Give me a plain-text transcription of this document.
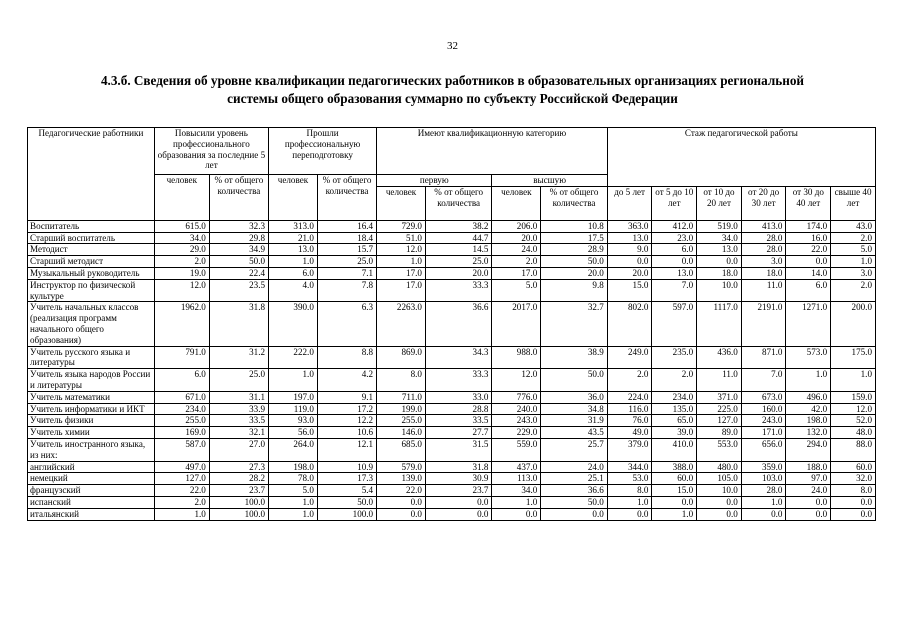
32
4.3.б. Сведения об уровне квалификации педагогических работников в образовательных организациях региональной
системы общего образования суммарно по субъекту Российской Федерации
Педагогические работники	Повысили уровень профессионального образования за последние 5 лет		Прошли профессиональную переподготовку		Имеют квалификационную категорию				Стаж педагогической работы					
	человек	% от общего количества	человек	% от общего количества	первую		высшую							
					человек	% от общего количества	человек	% от общего количества	до 5 лет	от 5 до 10 лет	от 10 до 20 лет	от 20 до 30 лет	от 30 до 40 лет	свыше 40 лет
Воспитатель	615.0	32.3	313.0	16.4	729.0	38.2	206.0	10.8	363.0	412.0	519.0	413.0	174.0	43.0
Старший воспитатель	34.0	29.8	21.0	18.4	51.0	44.7	20.0	17.5	13.0	23.0	34.0	28.0	16.0	2.0
Методист	29.0	34.9	13.0	15.7	12.0	14.5	24.0	28.9	9.0	6.0	13.0	28.0	22.0	5.0
Старший методист	2.0	50.0	1.0	25.0	1.0	25.0	2.0	50.0	0.0	0.0	0.0	3.0	0.0	1.0
Музыкальный руководитель	19.0	22.4	6.0	7.1	17.0	20.0	17.0	20.0	20.0	13.0	18.0	18.0	14.0	3.0
Инструктор по физической культуре	12.0	23.5	4.0	7.8	17.0	33.3	5.0	9.8	15.0	7.0	10.0	11.0	6.0	2.0
Учитель начальных классов (реализация программ начального общего образования)	1962.0	31.8	390.0	6.3	2263.0	36.6	2017.0	32.7	802.0	597.0	1117.0	2191.0	1271.0	200.0
Учитель русского языка и литературы	791.0	31.2	222.0	8.8	869.0	34.3	988.0	38.9	249.0	235.0	436.0	871.0	573.0	175.0
Учитель языка народов России и литературы	6.0	25.0	1.0	4.2	8.0	33.3	12.0	50.0	2.0	2.0	11.0	7.0	1.0	1.0
Учитель математики	671.0	31.1	197.0	9.1	711.0	33.0	776.0	36.0	224.0	234.0	371.0	673.0	496.0	159.0
Учитель информатики и ИКТ	234.0	33.9	119.0	17.2	199.0	28.8	240.0	34.8	116.0	135.0	225.0	160.0	42.0	12.0
Учитель физики	255.0	33.5	93.0	12.2	255.0	33.5	243.0	31.9	76.0	65.0	127.0	243.0	198.0	52.0
Учитель химии	169.0	32.1	56.0	10.6	146.0	27.7	229.0	43.5	49.0	39.0	89.0	171.0	132.0	48.0
Учитель иностранного языка, из них:	587.0	27.0	264.0	12.1	685.0	31.5	559.0	25.7	379.0	410.0	553.0	656.0	294.0	88.0
английский	497.0	27.3	198.0	10.9	579.0	31.8	437.0	24.0	344.0	388.0	480.0	359.0	188.0	60.0
немецкий	127.0	28.2	78.0	17.3	139.0	30.9	113.0	25.1	53.0	60.0	105.0	103.0	97.0	32.0
французский	22.0	23.7	5.0	5.4	22.0	23.7	34.0	36.6	8.0	15.0	10.0	28.0	24.0	8.0
испанский	2.0	100.0	1.0	50.0	0.0	0.0	1.0	50.0	1.0	0.0	0.0	1.0	0.0	0.0
итальянский	1.0	100.0	1.0	100.0	0.0	0.0	0.0	0.0	0.0	1.0	0.0	0.0	0.0	0.0
